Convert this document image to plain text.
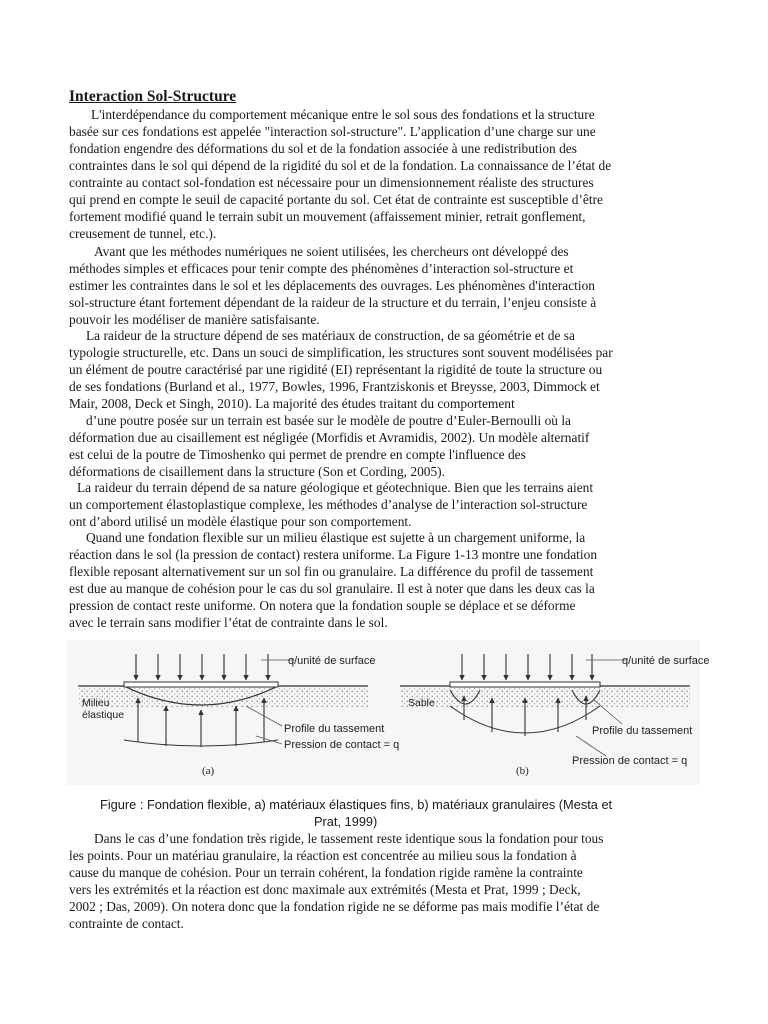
Interaction Sol-Structure
L'interdépendance du comportement mécanique entre le sol sous des fondations et la structure
basée sur ces fondations est appelée "interaction sol-structure". L’application d’une charge sur une
fondation engendre des déformations du sol et de la fondation associée à une redistribution des
contraintes dans le sol qui dépend de la rigidité du sol et de la fondation. La connaissance de l’état de
contrainte au contact sol-fondation est nécessaire pour un dimensionnement réaliste des structures
qui prend en compte le seuil de capacité portante du sol. Cet état de contrainte est susceptible d’être
fortement modifié quand le terrain subit un mouvement (affaissement minier, retrait gonflement,
creusement de tunnel, etc.).
Avant que les méthodes numériques ne soient utilisées, les chercheurs ont développé des
méthodes simples et efficaces pour tenir compte des phénomènes d’interaction sol-structure et
estimer les contraintes dans le sol et les déplacements des ouvrages. Les phénomènes d'interaction
sol-structure étant fortement dépendant de la raideur de la structure et du terrain, l’enjeu consiste à
pouvoir les modéliser de manière satisfaisante.
La raideur de la structure dépend de ses matériaux de construction, de sa géométrie et de sa
typologie structurelle, etc. Dans un souci de simplification, les structures sont souvent modélisées par
un élément de poutre caractérisé par une rigidité (EI) représentant la rigidité de toute la structure ou
de ses fondations (Burland et al., 1977, Bowles, 1996, Frantziskonis et Breysse, 2003, Dimmock et
Mair, 2008, Deck et Singh, 2010). La majorité des études traitant du comportement
d’une poutre posée sur un terrain est basée sur le modèle de poutre d’Euler-Bernoulli où la
déformation due au cisaillement est négligée (Morfidis et Avramidis, 2002). Un modèle alternatif
est celui de la poutre de Timoshenko qui permet de prendre en compte l'influence des
déformations de cisaillement dans la structure (Son et Cording, 2005).
La raideur du terrain dépend de sa nature géologique et géotechnique. Bien que les terrains aient
un comportement élastoplastique complexe, les méthodes d’analyse de l’interaction sol-structure
ont d’abord utilisé un modèle élastique pour son comportement.
Quand une fondation flexible sur un milieu élastique est sujette à un chargement uniforme, la
réaction dans le sol (la pression de contact) restera uniforme. La Figure 1-13 montre une fondation
flexible reposant alternativement sur un sol fin ou granulaire. La différence du profil de tassement
est due au manque de cohésion pour le cas du sol granulaire. Il est à noter que dans les deux cas la
pression de contact reste uniforme. On notera que la fondation souple se déplace et se déforme
avec le terrain sans modifier l’état de contrainte dans le sol.
q/unité de surface
Milieu
élastique
Profile du tassement
Pression de contact = q
(a)
q/unité de surface
Sable
Profile du tassement
Pression de contact = q
(b)
Figure : Fondation flexible, a) matériaux élastiques fins, b) matériaux granulaires (Mesta et
Prat, 1999)
Dans le cas d’une fondation très rigide, le tassement reste identique sous la fondation pour tous
les points. Pour un matériau granulaire, la réaction est concentrée au milieu sous la fondation à
cause du manque de cohésion. Pour un terrain cohérent, la fondation rigide ramène la contrainte
vers les extrémités et la réaction est donc maximale aux extrémités (Mesta et Prat, 1999 ; Deck,
2002 ; Das, 2009). On notera donc que la fondation rigide ne se déforme pas mais modifie l’état de
contrainte de contact.
